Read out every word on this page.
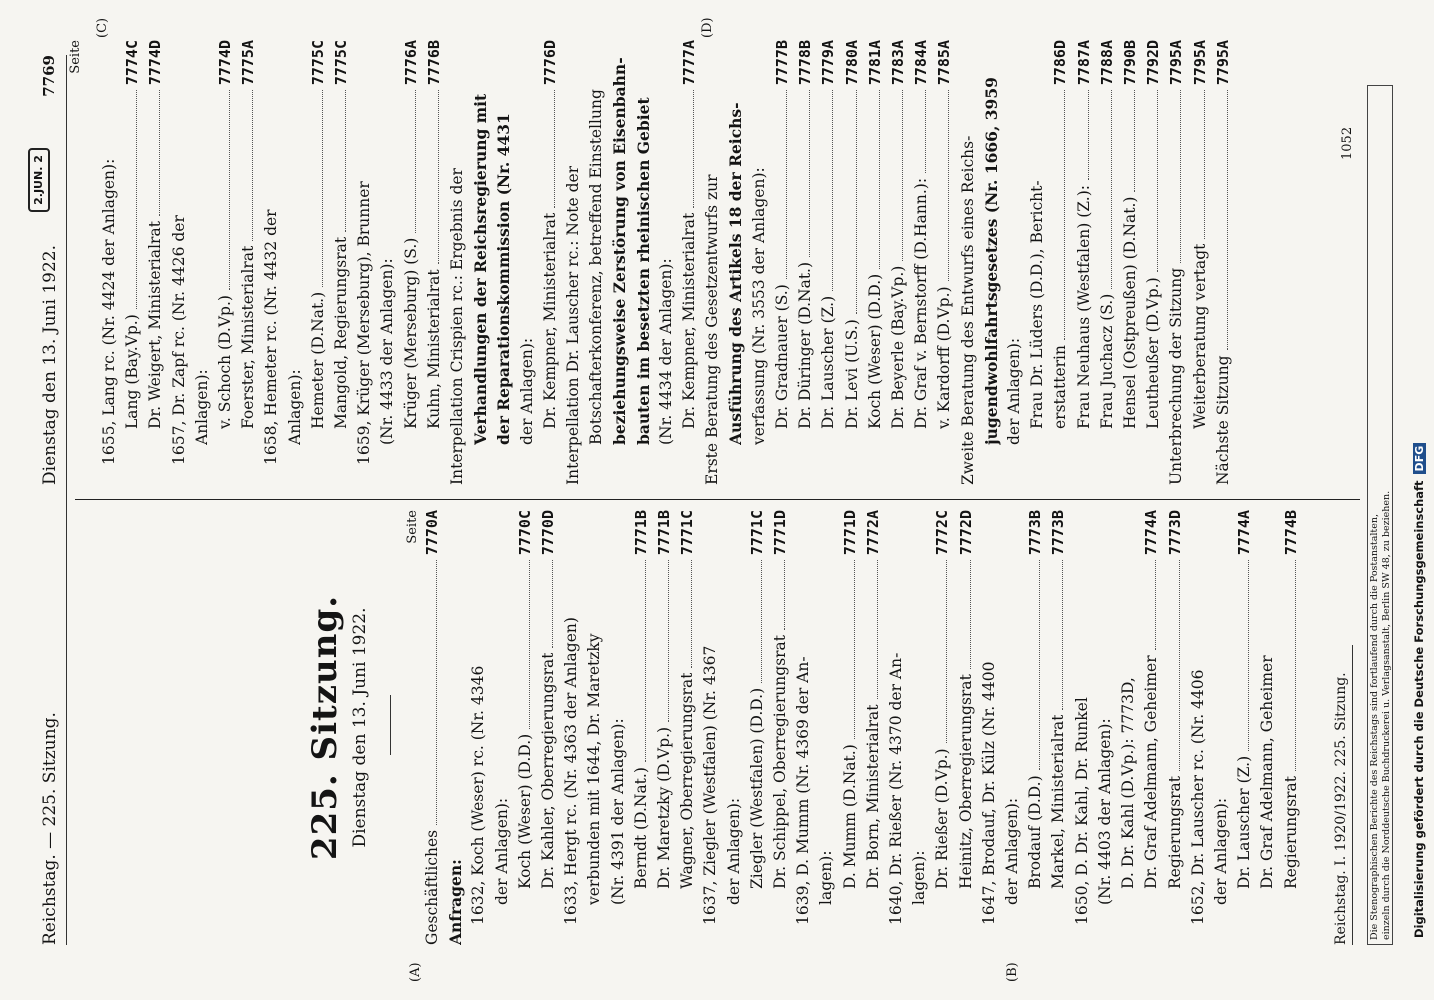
Reichstag. — 225. Sitzung.
Dienstag den 13. Juni 1922.
7769
2.JUN. 2
225. Sitzung. Dienstag den 13. Juni 1922.
Seite
Geschäftliches
7770A
Anfragen: 1632, Koch (Weser) rc. (Nr. 4346 der Anlagen): Koch (Weser) (D.D.)
7770C
Dr. Kahler, Oberregierungsrat
7770D
1633, Hergt rc. (Nr. 4363 der Anlagen) verbunden mit 1644, Dr. Maretzky (Nr. 4391 der Anlagen): Berndt (D.Nat.)
7771B
Dr. Maretzky (D.Vp.)
7771B
Wagner, Oberregierungsrat
7771C
1637, Ziegler (Westfalen) (Nr. 4367 der Anlagen): Ziegler (Westfalen) (D.D.)
7771C
Dr. Schippel, Oberregierungsrat
7771D
1639, D. Mumm (Nr. 4369 der An- lagen): D. Mumm (D.Nat.)
7771D
Dr. Born, Ministerialrat
7772A
1640, Dr. Rießer (Nr. 4370 der An- lagen): Dr. Rießer (D.Vp.)
7772C
Heinitz, Oberregierungsrat
7772D
1647, Brodauf, Dr. Külz (Nr. 4400 der Anlagen): Brodauf (D.D.)
7773B
Markel, Ministerialrat
7773B
1650, D. Dr. Kahl, Dr. Runkel (Nr. 4403 der Anlagen): D. Dr. Kahl (D.Vp.): 7773D, Dr. Graf Adelmann, Geheimer
7774A
Regierungsrat
7773D
1652, Dr. Lauscher rc. (Nr. 4406 der Anlagen): Dr. Lauscher (Z.)
7774A
Dr. Graf Adelmann, Geheimer Regierungsrat
7774B
Seite
1655, Lang rc. (Nr. 4424 der Anlagen): Lang (Bay.Vp.)
7774C
Dr. Weigert, Ministerialrat
7774D
1657, Dr. Zapf rc. (Nr. 4426 der Anlagen): v. Schoch (D.Vp.)
7774D
Foerster, Ministerialrat
7775A
1658, Hemeter rc. (Nr. 4432 der Anlagen): Hemeter (D.Nat.)
7775C
Mangold, Regierungsrat
7775C
1659, Krüger (Merseburg), Brunner (Nr. 4433 der Anlagen): Krüger (Merseburg) (S.)
7776A
Kuhn, Ministerialrat
7776B
Interpellation Crispien rc.: Ergebnis der Verhandlungen der Reichsregierung mit der Reparationskommission (Nr. 4431 der Anlagen): Dr. Kempner, Ministerialrat
7776D
Interpellation Dr. Lauscher rc.: Note der Botschafterkonferenz, betreffend Einstellung beziehungsweise Zerstörung von Eisenbahn- bauten im besetzten rheinischen Gebiet (Nr. 4434 der Anlagen): Dr. Kempner, Ministerialrat
7777A
Erste Beratung des Gesetzentwurfs zur Ausführung des Artikels 18 der Reichs- verfassung (Nr. 3553 der Anlagen): Dr. Gradnauer (S.)
7777B
Dr. Düringer (D.Nat.)
7778B
Dr. Lauscher (Z.)
7779A
Dr. Levi (U.S.)
7780A
Koch (Weser) (D.D.)
7781A
Dr. Beyerle (Bay.Vp.)
7783A
Dr. Graf v. Bernstorff (D.Hann.):
7784A
v. Kardorff (D.Vp.)
7785A
Zweite Beratung des Entwurfs eines Reichs- jugendwohlfahrtsgesetzes (Nr. 1666, 3959 der Anlagen): Frau Dr. Lüders (D.D.), Bericht- erstatterin
7786D
Frau Neuhaus (Westfalen) (Z.):
7787A
Frau Juchacz (S.)
7788A
Hensel (Ostpreußen) (D.Nat.)
7790B
Leutheußer (D.Vp.)
7792D
Unterbrechung der Sitzung
7795A
Weiterberatung vertagt
7795A
Nächste Sitzung
7795A
(A)	(B)
(C)	(D)
Reichstag. I. 1920/1922. 225. Sitzung.
1052
Die Stenographischen Berichte des Reichstags sind fortlaufend durch die Postanstalten, einzeln durch die Norddeutsche Buchdruckerei u. Verlagsanstalt, Berlin SW 48, zu beziehen. Digitalisierung gefördert durch die Deutsche ForschungsgemeinschaftDFG
